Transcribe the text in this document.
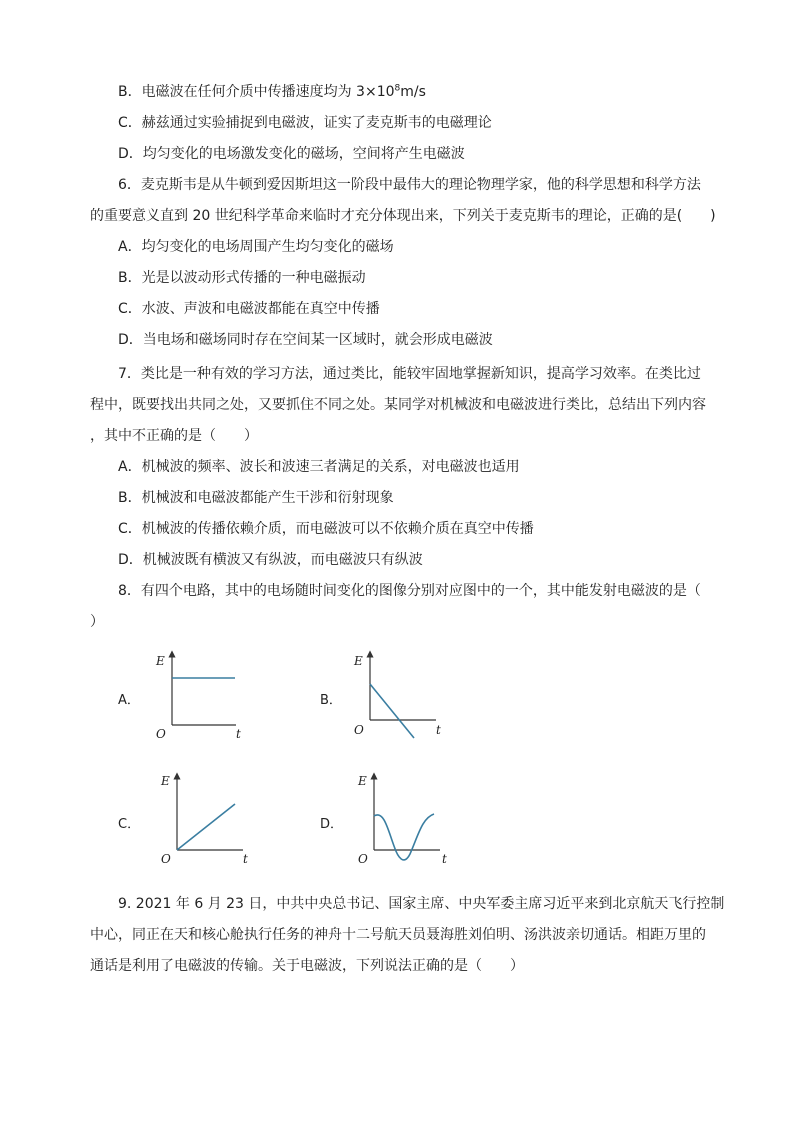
B．电磁波在任何介质中传播速度均为 $3\times 10^8m/s$
C．赫兹通过实验捕捉到电磁波，证实了麦克斯韦的电磁理论
D．均匀变化的电场激发变化的磁场，空间将产生电磁波
6．麦克斯韦是从牛顿到爱因斯坦这一阶段中最伟大的理论物理学家，他的科学思想和科学方法
的重要意义直到 20 世纪科学革命来临时才充分体现出来，下列关于麦克斯韦的理论，正确的是(　　)
A．均匀变化的电场周围产生均匀变化的磁场
B．光是以波动形式传播的一种电磁振动
C．水波、声波和电磁波都能在真空中传播
D．当电场和磁场同时存在空间某一区域时，就会形成电磁波
7．类比是一种有效的学习方法，通过类比，能较牢固地掌握新知识，提高学习效率。在类比过
程中，既要找出共同之处，又要抓住不同之处。某同学对机械波和电磁波进行类比，总结出下列内容
，其中不正确的是（　　）
A．机械波的频率、波长和波速三者满足的关系，对电磁波也适用
B．机械波和电磁波都能产生干涉和衍射现象
C．机械波的传播依赖介质，而电磁波可以不依赖介质在真空中传播
D．机械波既有横波又有纵波，而电磁波只有纵波
8．有四个电路，其中的电场随时间变化的图像分别对应图中的一个，其中能发射电磁波的是（
）
A．
E
O	t
B．
E
O	t
C．
E
O	t
D．
E
O	t
9. 2021 年 6 月 23 日，中共中央总书记、国家主席、中央军委主席习近平来到北京航天飞行控制
中心，同正在天和核心舱执行任务的神舟十二号航天员聂海胜刘伯明、汤洪波亲切通话。相距万里的
通话是利用了电磁波的传输。关于电磁波，下列说法正确的是（　　）
